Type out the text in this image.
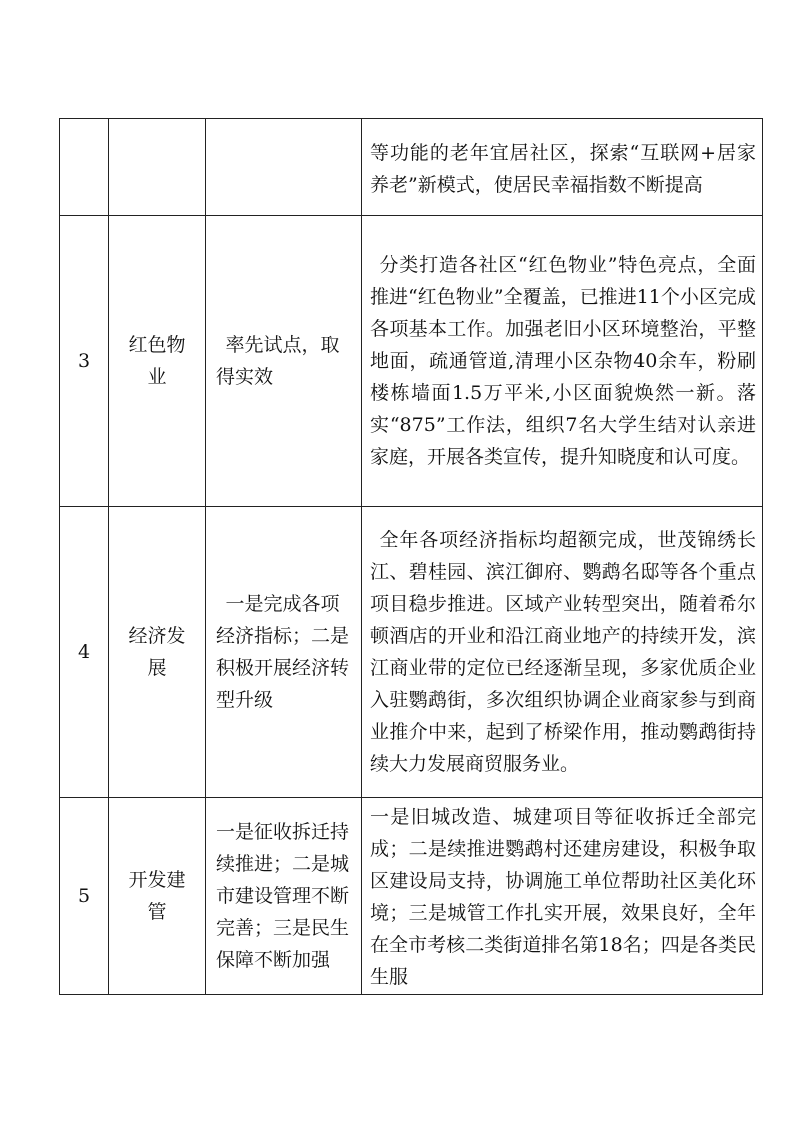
			等功能的老年宜居社区，探索“互联网+居家养老”新模式，使居民幸福指数不断提高

3	红色物业	率先试点，取得实效	分类打造各社区“红色物业”特色亮点，全面推进“红色物业”全覆盖，已推进11个小区完成各项基本工作。加强老旧小区环境整治，平整地面，疏通管道,清理小区杂物40余车，粉刷楼栋墙面1.5万平米,小区面貌焕然一新。落实“875”工作法，组织7名大学生结对认亲进家庭，开展各类宣传，提升知晓度和认可度。

4	经济发展	一是完成各项经济指标；二是积极开展经济转型升级	全年各项经济指标均超额完成，世茂锦绣长江、碧桂园、滨江御府、鹦鹉名邸等各个重点项目稳步推进。区域产业转型突出，随着希尔顿酒店的开业和沿江商业地产的持续开发，滨江商业带的定位已经逐渐呈现，多家优质企业入驻鹦鹉街，多次组织协调企业商家参与到商业推介中来，起到了桥梁作用，推动鹦鹉街持续大力发展商贸服务业。

5	开发建管	一是征收拆迁持续推进；二是城市建设管理不断完善；三是民生保障不断加强	一是旧城改造、城建项目等征收拆迁全部完成；二是续推进鹦鹉村还建房建设，积极争取区建设局支持，协调施工单位帮助社区美化环境；三是城管工作扎实开展，效果良好，全年在全市考核二类街道排名第18名；四是各类民生服
